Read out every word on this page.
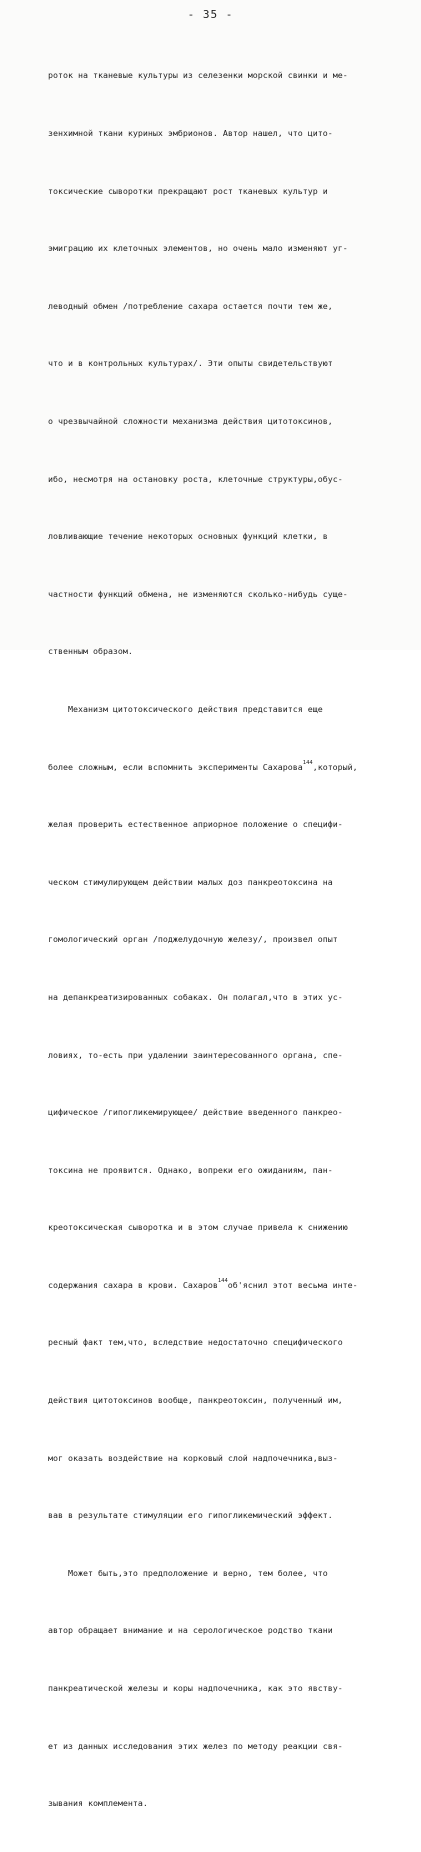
- 35 -

роток на тканевые культуры из селезенки морской свинки и ме-

зенхимной ткани куриных эмбрионов. Автор нашел, что цито-

токсические сыворотки прекращают рост тканевых культур и

эмиграцию их клеточных элементов, но очень мало изменяют уг-

леводный обмен /потребление сахара остается почти тем же,

что и в контрольных культурах/. Эти опыты свидетельствуют

о чрезвычайной сложности механизма действия цитотоксинов,

ибо, несмотря на остановку роста, клеточные структуры,обус-

ловливающие течение некоторых основных функций клетки, в

частности функций обмена, не изменяются сколько-нибудь суще-

ственным образом.

Механизм цитотоксического действия представится еще

более сложным, если вспомнить эксперименты Сахарова$^{144}$,который,

желая проверить естественное априорное положение о специфи-

ческом стимулирующем действии малых доз панкреотоксина на

гомологический орган /поджелудочную железу/, произвел опыт

на депанкреатизированных собаках. Он полагал,что в этих ус-

ловиях, то-есть при удалении заинтересованного органа, спе-

цифическое /гипогликемирующее/ действие введенного панкрео-

токсина не проявится. Однако, вопреки его ожиданиям, пан-

креотоксическая сыворотка и в этом случае привела к снижению

содержания сахара в крови. Сахаров$^{144}$об'яснил этот весьма инте-

ресный факт тем,что, вследствие недостаточно специфического

действия цитотоксинов вообще, панкреотоксин, полученный им,

мог оказать воздействие на корковый слой надпочечника,выз-

вав в результате стимуляции его гипогликемический эффект.

Может быть,это предположение и верно, тем более, что

автор обращает внимание и на серологическое родство ткани

панкреатической железы и коры надпочечника, как это явству-

ет из данных исследования этих желез по методу реакции свя-

зывания комплемента.
